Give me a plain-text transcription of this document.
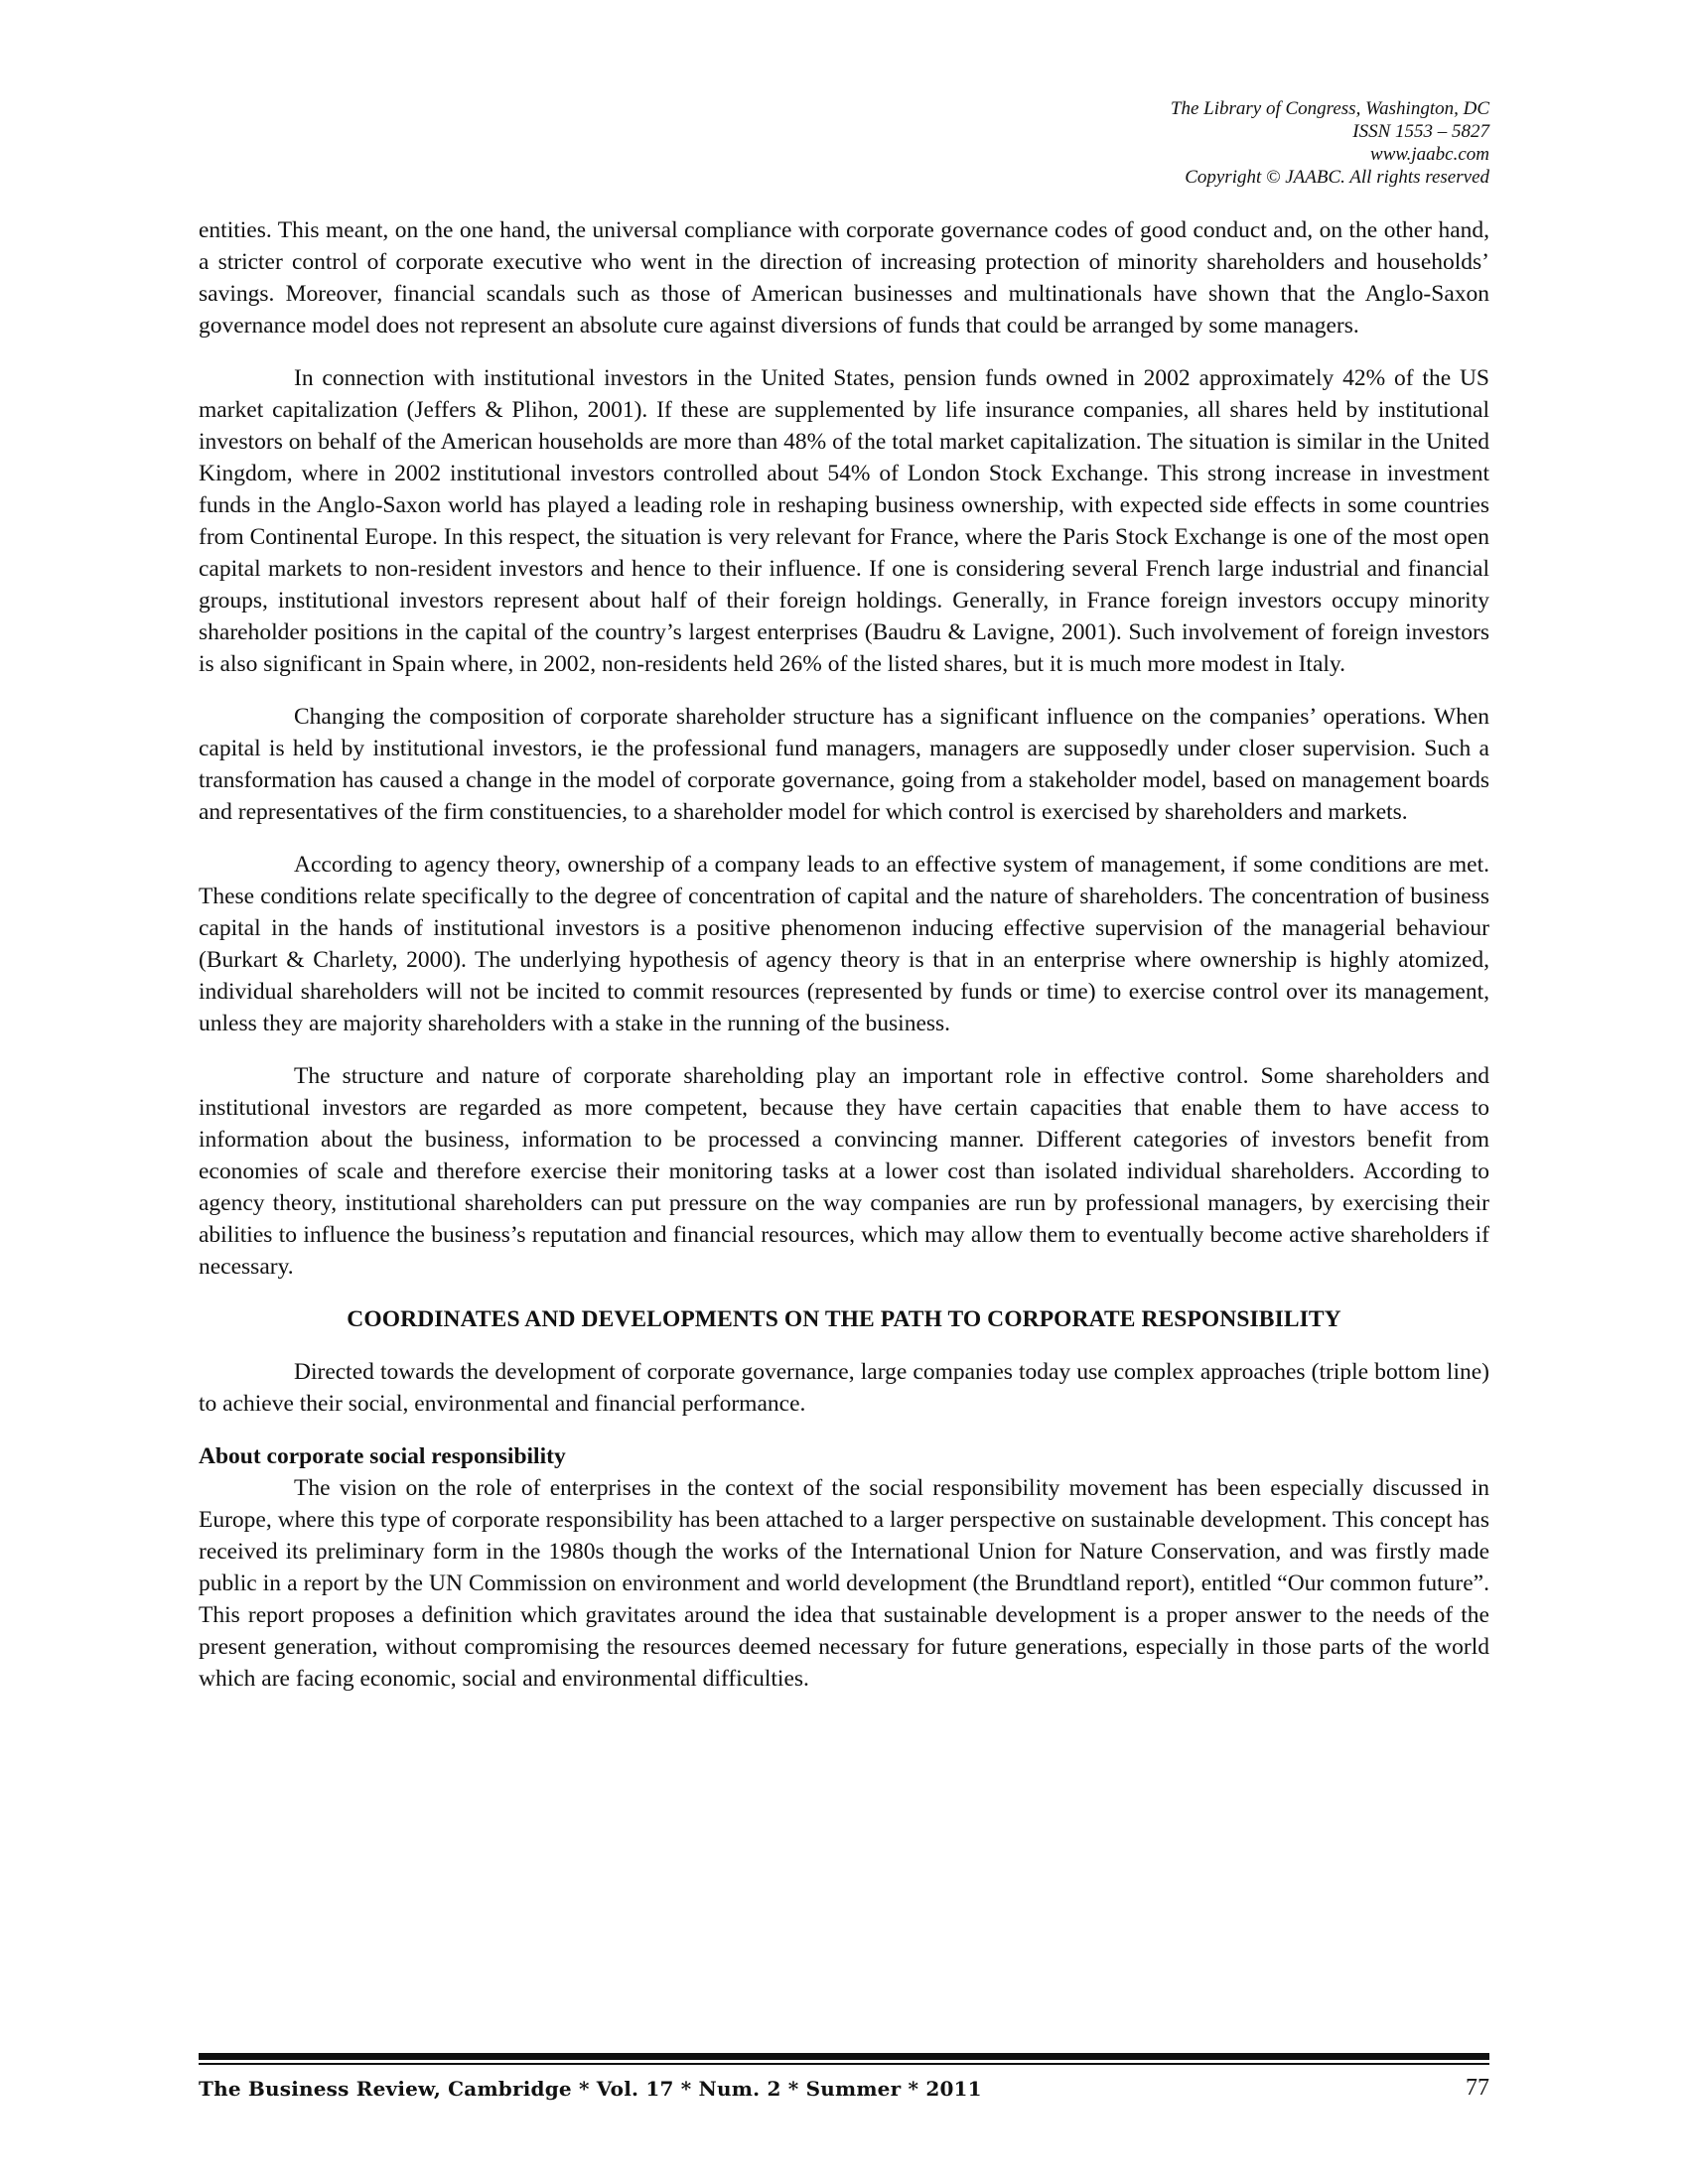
The Library of Congress, Washington, DC
ISSN 1553 – 5827
www.jaabc.com
Copyright © JAABC. All rights reserved

entities. This meant, on the one hand, the universal compliance with corporate governance codes of good conduct and, on the other hand, a stricter control of corporate executive who went in the direction of increasing protection of minority shareholders and households’ savings. Moreover, financial scandals such as those of American businesses and multinationals have shown that the Anglo-Saxon governance model does not represent an absolute cure against diversions of funds that could be arranged by some managers.

In connection with institutional investors in the United States, pension funds owned in 2002 approximately 42% of the US market capitalization (Jeffers & Plihon, 2001). If these are supplemented by life insurance companies, all shares held by institutional investors on behalf of the American households are more than 48% of the total market capitalization. The situation is similar in the United Kingdom, where in 2002 institutional investors controlled about 54% of London Stock Exchange. This strong increase in investment funds in the Anglo-Saxon world has played a leading role in reshaping business ownership, with expected side effects in some countries from Continental Europe. In this respect, the situation is very relevant for France, where the Paris Stock Exchange is one of the most open capital markets to non-resident investors and hence to their influence. If one is considering several French large industrial and financial groups, institutional investors represent about half of their foreign holdings. Generally, in France foreign investors occupy minority shareholder positions in the capital of the country’s largest enterprises (Baudru & Lavigne, 2001). Such involvement of foreign investors is also significant in Spain where, in 2002, non-residents held 26% of the listed shares, but it is much more modest in Italy.

Changing the composition of corporate shareholder structure has a significant influence on the companies’ operations. When capital is held by institutional investors, ie the professional fund managers, managers are supposedly under closer supervision. Such a transformation has caused a change in the model of corporate governance, going from a stakeholder model, based on management boards and representatives of the firm constituencies, to a shareholder model for which control is exercised by shareholders and markets.

According to agency theory, ownership of a company leads to an effective system of management, if some conditions are met. These conditions relate specifically to the degree of concentration of capital and the nature of shareholders. The concentration of business capital in the hands of institutional investors is a positive phenomenon inducing effective supervision of the managerial behaviour (Burkart & Charlety, 2000). The underlying hypothesis of agency theory is that in an enterprise where ownership is highly atomized, individual shareholders will not be incited to commit resources (represented by funds or time) to exercise control over its management, unless they are majority shareholders with a stake in the running of the business.

The structure and nature of corporate shareholding play an important role in effective control. Some shareholders and institutional investors are regarded as more competent, because they have certain capacities that enable them to have access to information about the business, information to be processed a convincing manner. Different categories of investors benefit from economies of scale and therefore exercise their monitoring tasks at a lower cost than isolated individual shareholders. According to agency theory, institutional shareholders can put pressure on the way companies are run by professional managers, by exercising their abilities to influence the business’s reputation and financial resources, which may allow them to eventually become active shareholders if necessary.

COORDINATES AND DEVELOPMENTS ON THE PATH TO CORPORATE RESPONSIBILITY

Directed towards the development of corporate governance, large companies today use complex approaches (triple bottom line) to achieve their social, environmental and financial performance.

About corporate social responsibility

The vision on the role of enterprises in the context of the social responsibility movement has been especially discussed in Europe, where this type of corporate responsibility has been attached to a larger perspective on sustainable development. This concept has received its preliminary form in the 1980s though the works of the International Union for Nature Conservation, and was firstly made public in a report by the UN Commission on environment and world development (the Brundtland report), entitled “Our common future”. This report proposes a definition which gravitates around the idea that sustainable development is a proper answer to the needs of the present generation, without compromising the resources deemed necessary for future generations, especially in those parts of the world which are facing economic, social and environmental difficulties.

The Business Review, Cambridge * Vol. 17 * Num. 2 * Summer * 2011	77
